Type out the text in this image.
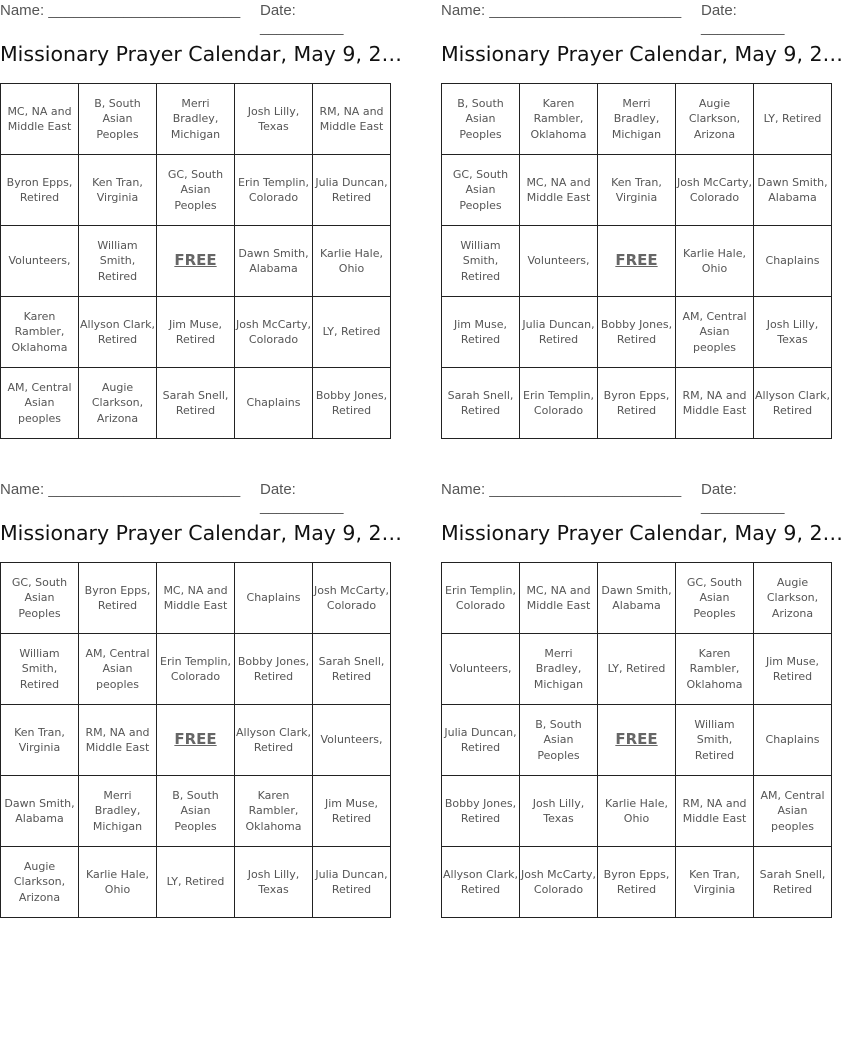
Name: _______________________ Date: __________
Missionary Prayer Calendar, May 9, 2…
MC, NA and Middle East	B, South Asian Peoples	Merri Bradley, Michigan	Josh Lilly, Texas	RM, NA and Middle East
Byron Epps, Retired	Ken Tran, Virginia	GC, South Asian Peoples	Erin Templin, Colorado	Julia Duncan, Retired
Volunteers,	William Smith, Retired	FREE	Dawn Smith, Alabama	Karlie Hale, Ohio
Karen Rambler, Oklahoma	Allyson Clark, Retired	Jim Muse, Retired	Josh McCarty, Colorado	LY, Retired
AM, Central Asian peoples	Augie Clarkson, Arizona	Sarah Snell, Retired	Chaplains	Bobby Jones, Retired
Name: _______________________ Date: __________
Missionary Prayer Calendar, May 9, 2…
B, South Asian Peoples	Karen Rambler, Oklahoma	Merri Bradley, Michigan	Augie Clarkson, Arizona	LY, Retired
GC, South Asian Peoples	MC, NA and Middle East	Ken Tran, Virginia	Josh McCarty, Colorado	Dawn Smith, Alabama
William Smith, Retired	Volunteers,	FREE	Karlie Hale, Ohio	Chaplains
Jim Muse, Retired	Julia Duncan, Retired	Bobby Jones, Retired	AM, Central Asian peoples	Josh Lilly, Texas
Sarah Snell, Retired	Erin Templin, Colorado	Byron Epps, Retired	RM, NA and Middle East	Allyson Clark, Retired
Name: _______________________ Date: __________
Missionary Prayer Calendar, May 9, 2…
GC, South Asian Peoples	Byron Epps, Retired	MC, NA and Middle East	Chaplains	Josh McCarty, Colorado
William Smith, Retired	AM, Central Asian peoples	Erin Templin, Colorado	Bobby Jones, Retired	Sarah Snell, Retired
Ken Tran, Virginia	RM, NA and Middle East	FREE	Allyson Clark, Retired	Volunteers,
Dawn Smith, Alabama	Merri Bradley, Michigan	B, South Asian Peoples	Karen Rambler, Oklahoma	Jim Muse, Retired
Augie Clarkson, Arizona	Karlie Hale, Ohio	LY, Retired	Josh Lilly, Texas	Julia Duncan, Retired
Name: _______________________ Date: __________
Missionary Prayer Calendar, May 9, 2…
Erin Templin, Colorado	MC, NA and Middle East	Dawn Smith, Alabama	GC, South Asian Peoples	Augie Clarkson, Arizona
Volunteers,	Merri Bradley, Michigan	LY, Retired	Karen Rambler, Oklahoma	Jim Muse, Retired
Julia Duncan, Retired	B, South Asian Peoples	FREE	William Smith, Retired	Chaplains
Bobby Jones, Retired	Josh Lilly, Texas	Karlie Hale, Ohio	RM, NA and Middle East	AM, Central Asian peoples
Allyson Clark, Retired	Josh McCarty, Colorado	Byron Epps, Retired	Ken Tran, Virginia	Sarah Snell, Retired
